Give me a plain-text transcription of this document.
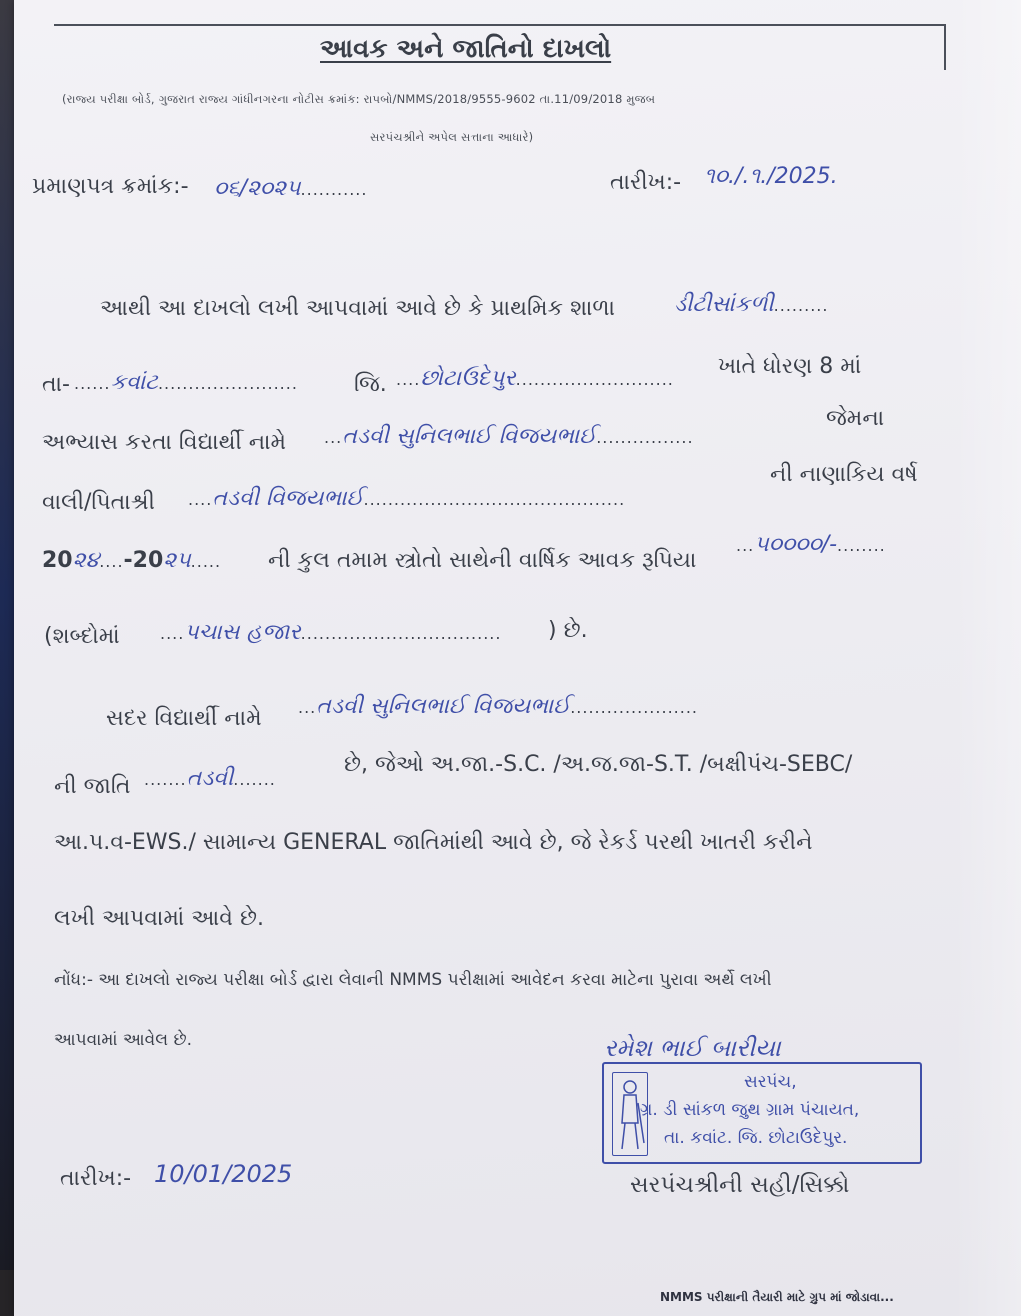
આવક અને જાતિનો દાખલો
(રાજ્ય પરીક્ષા બોર્ડ, ગુજરાત રાજ્ય ગાંધીનગરના નોટીસ ક્રમાંક: રાપબો/NMMS/2018/9555-9602 તા.11/09/2018 મુજબ
સરપંચશ્રીને અપેલ સત્તાના આધારે)
પ્રમાણપત્ર ક્રમાંક:- ૦૬/૨૦૨૫...........	તારીખ:- ૧૦./.૧./2025.
આથી આ દાખલો લખી આપવામાં આવે છે કે પ્રાથમિક શાળા	ડીટીસાંકળી.........
તા- ......કવાંટ.......................	જિ. ....છોટાઉદેપુર..........................
ખાતે ધોરણ 8 માં
અભ્યાસ કરતા વિદ્યાર્થી નામે ...તડવી સુનિલભાઈ વિજયભાઈ................
જેમના
વાલી/પિતાશ્રી ....તડવી વિજયભાઈ...........................................
ની નાણાકિય વર્ષ
20૨૪....-20૨૫..... ની કુલ તમામ સ્ત્રોતો સાથેની વાર્ષિક આવક રૂપિયા
...૫૦૦૦૦/-........
(શબ્દોમાં	....પચાસ હજાર................................. ) છે.
સદર વિદ્યાર્થી નામે ...તડવી સુનિલભાઈ વિજયભાઈ.....................
ની જાતિ .......તડવી.......
છે, જેઓ અ.જા.-S.C. /અ.જ.જા-S.T. /બક્ષીપંચ-SEBC/
આ.પ.વ-EWS./ સામાન્ય GENERAL જાતિમાંથી આવે છે, જે રેકર્ડ પરથી ખાતરી કરીને
લખી આપવામાં આવે છે.
નોંધ:- આ દાખલો રાજ્ય પરીક્ષા બોર્ડ દ્વારા લેવાની NMMS પરીક્ષામાં આવેદન કરવા માટેના પુરાવા અર્થે લખી
આપવામાં આવેલ છે.	રમેશ ભાઈ બારીયા
સરપંચ,
ગ્ર. ડી સાંકળ જુથ ગ્રામ પંચાયત,
તા. કવાંટ. જિ. છોટાઉદેપુર.
તારીખ:- 10/01/2025	સરપંચશ્રીની સહી/સિક્કો
NMMS પરીક્ષાની તૈયારી માટે ગ્રુપ માં જોડાવા...
